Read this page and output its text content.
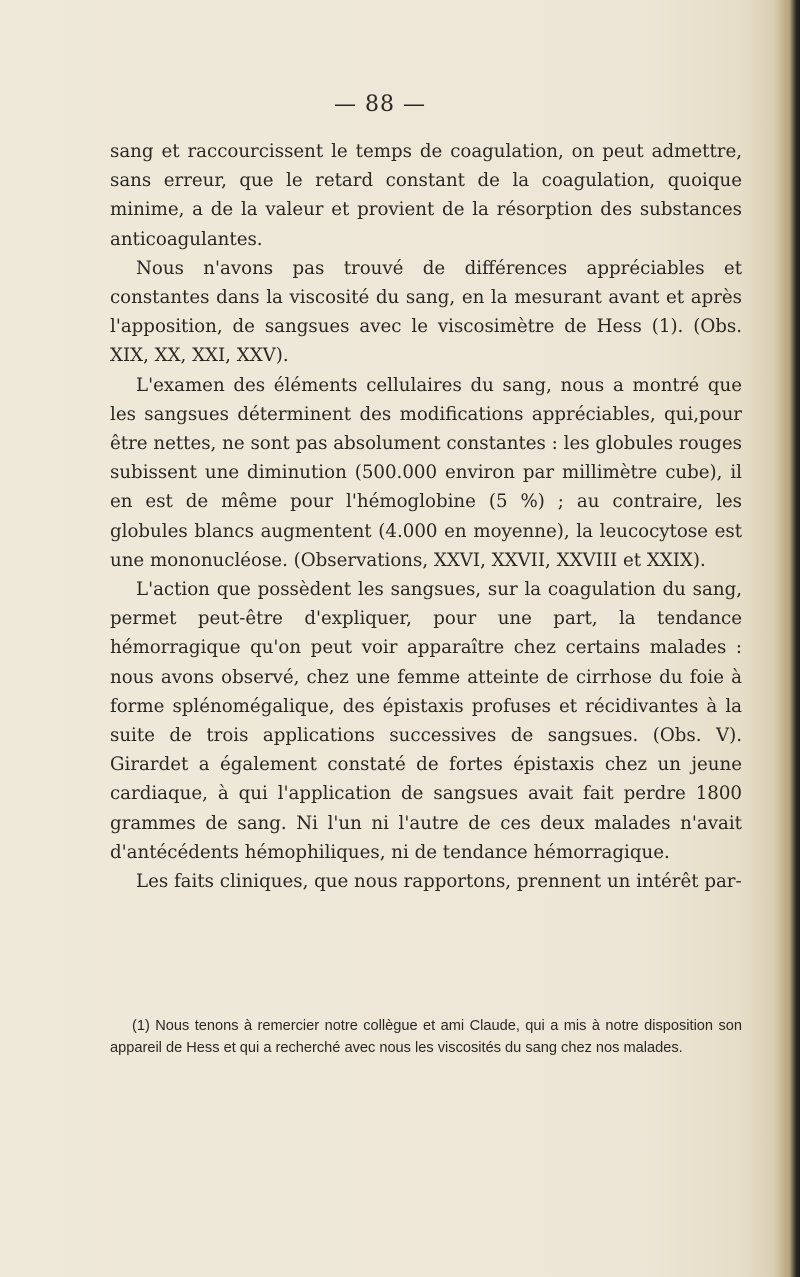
— 88 —

sang et raccourcissent le temps de coagulation, on peut admettre, sans erreur, que le retard constant de la coagulation, quoique minime, a de la valeur et provient de la résorption des substances anticoagulantes.

Nous n'avons pas trouvé de différences appréciables et constantes dans la viscosité du sang, en la mesurant avant et après l'apposition, de sangsues avec le viscosimètre de Hess (1). (Obs. XIX, XX, XXI, XXV).

L'examen des éléments cellulaires du sang, nous a montré que les sangsues déterminent des modifications appréciables, qui,pour être nettes, ne sont pas absolument constantes : les globules rouges subissent une diminution (500.000 environ par millimètre cube), il en est de même pour l'hémoglobine (5 %) ; au contraire, les globules blancs augmentent (4.000 en moyenne), la leucocytose est une mononucléose. (Observations, XXVI, XXVII, XXVIII et XXIX).

L'action que possèdent les sangsues, sur la coagulation du sang, permet peut-être d'expliquer, pour une part, la tendance hémorragique qu'on peut voir apparaître chez certains malades : nous avons observé, chez une femme atteinte de cirrhose du foie à forme splénomégalique, des épistaxis profuses et récidivantes à la suite de trois applications successives de sangsues. (Obs. V). Girardet a également constaté de fortes épistaxis chez un jeune cardiaque, à qui l'application de sangsues avait fait perdre 1800 grammes de sang. Ni l'un ni l'autre de ces deux malades n'avait d'antécédents hémophiliques, ni de tendance hémorragique.

Les faits cliniques, que nous rapportons, prennent un intérêt par-

(1) Nous tenons à remercier notre collègue et ami Claude, qui a mis à notre disposition son appareil de Hess et qui a recherché avec nous les viscosités du sang chez nos malades.
